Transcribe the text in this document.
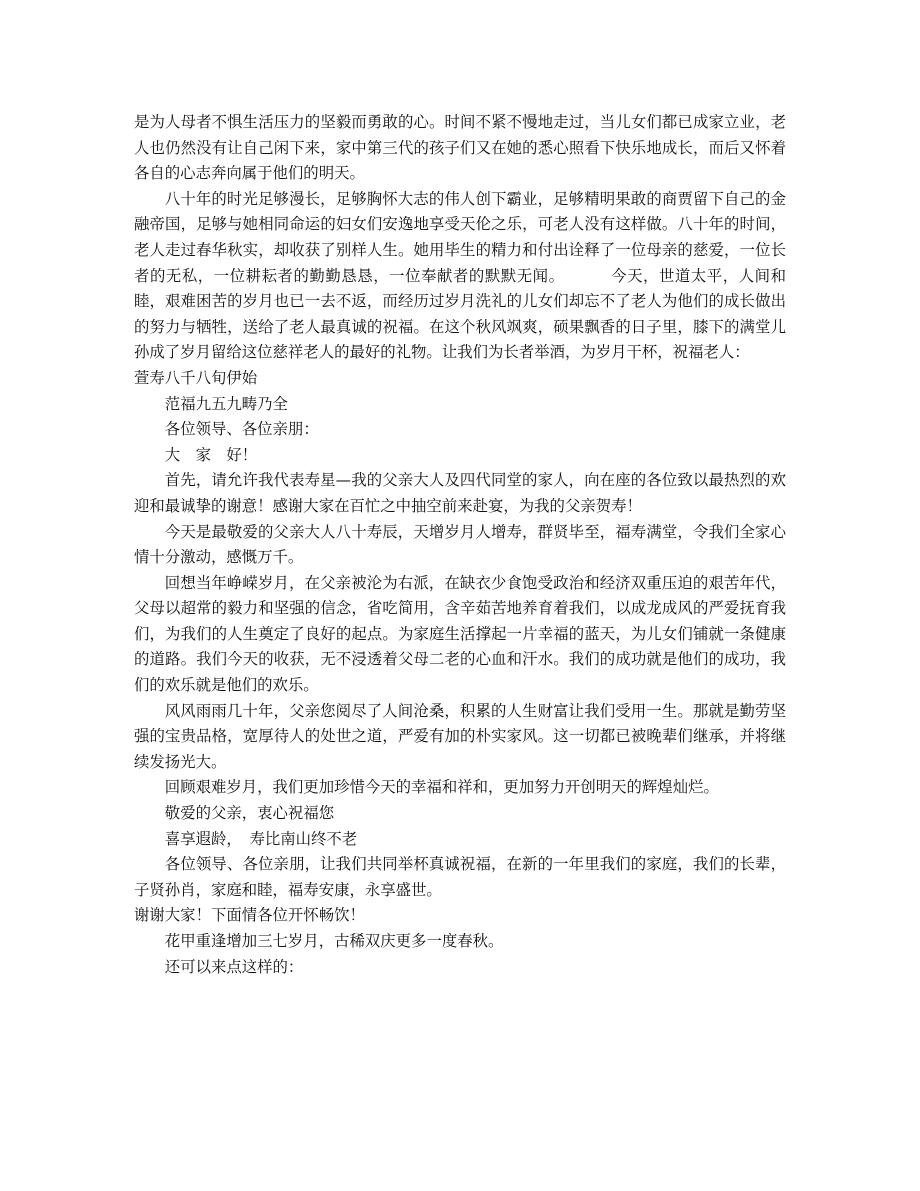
是为人母者不惧生活压力的坚毅而勇敢的心。时间不紧不慢地走过，当儿女们都已成家立业，老人也仍然没有让自己闲下来，家中第三代的孩子们又在她的悉心照看下快乐地成长，而后又怀着各自的心志奔向属于他们的明天。

八十年的时光足够漫长，足够胸怀大志的伟人创下霸业，足够精明果敢的商贾留下自己的金融帝国，足够与她相同命运的妇女们安逸地享受天伦之乐，可老人没有这样做。八十年的时间，老人走过春华秋实，却收获了别样人生。她用毕生的精力和付出诠释了一位母亲的慈爱，一位长者的无私，一位耕耘者的勤勤恳恳，一位奉献者的默默无闻。	今天，世道太平，人间和睦，艰难困苦的岁月也已一去不返，而经历过岁月洗礼的儿女们却忘不了老人为他们的成长做出的努力与牺牲，送给了老人最真诚的祝福。在这个秋风飒爽，硕果飘香的日子里，膝下的满堂儿孙成了岁月留给这位慈祥老人的最好的礼物。让我们为长者举酒，为岁月干杯，祝福老人：

萱寿八千八旬伊始

范福九五九畴乃全

各位领导、各位亲朋：

大　家　好！

首先，请允许我代表寿星—我的父亲大人及四代同堂的家人，向在座的各位致以最热烈的欢迎和最诚挚的谢意！感谢大家在百忙之中抽空前来赴宴，为我的父亲贺寿！

今天是最敬爱的父亲大人八十寿辰，天增岁月人增寿，群贤毕至，福寿满堂，令我们全家心情十分激动，感慨万千。

回想当年峥嵘岁月，在父亲被沦为右派，在缺衣少食饱受政治和经济双重压迫的艰苦年代，父母以超常的毅力和坚强的信念，省吃简用，含辛茹苦地养育着我们，以成龙成风的严爱抚育我们，为我们的人生奠定了良好的起点。为家庭生活撑起一片幸福的蓝天，为儿女们铺就一条健康的道路。我们今天的收获，无不浸透着父母二老的心血和汗水。我们的成功就是他们的成功，我们的欢乐就是他们的欢乐。

风风雨雨几十年，父亲您阅尽了人间沧桑，积累的人生财富让我们受用一生。那就是勤劳坚强的宝贵品格，宽厚待人的处世之道，严爱有加的朴实家风。这一切都已被晚辈们继承，并将继续发扬光大。

回顾艰难岁月，我们更加珍惜今天的幸福和祥和，更加努力开创明天的辉煌灿烂。

敬爱的父亲，衷心祝福您

喜享遐龄，　寿比南山终不老

各位领导、各位亲朋，让我们共同举杯真诚祝福，在新的一年里我们的家庭，我们的长辈，子贤孙肖，家庭和睦，福寿安康，永享盛世。

谢谢大家！下面情各位开怀畅饮！

花甲重逢增加三七岁月，古稀双庆更多一度春秋。

还可以来点这样的：
